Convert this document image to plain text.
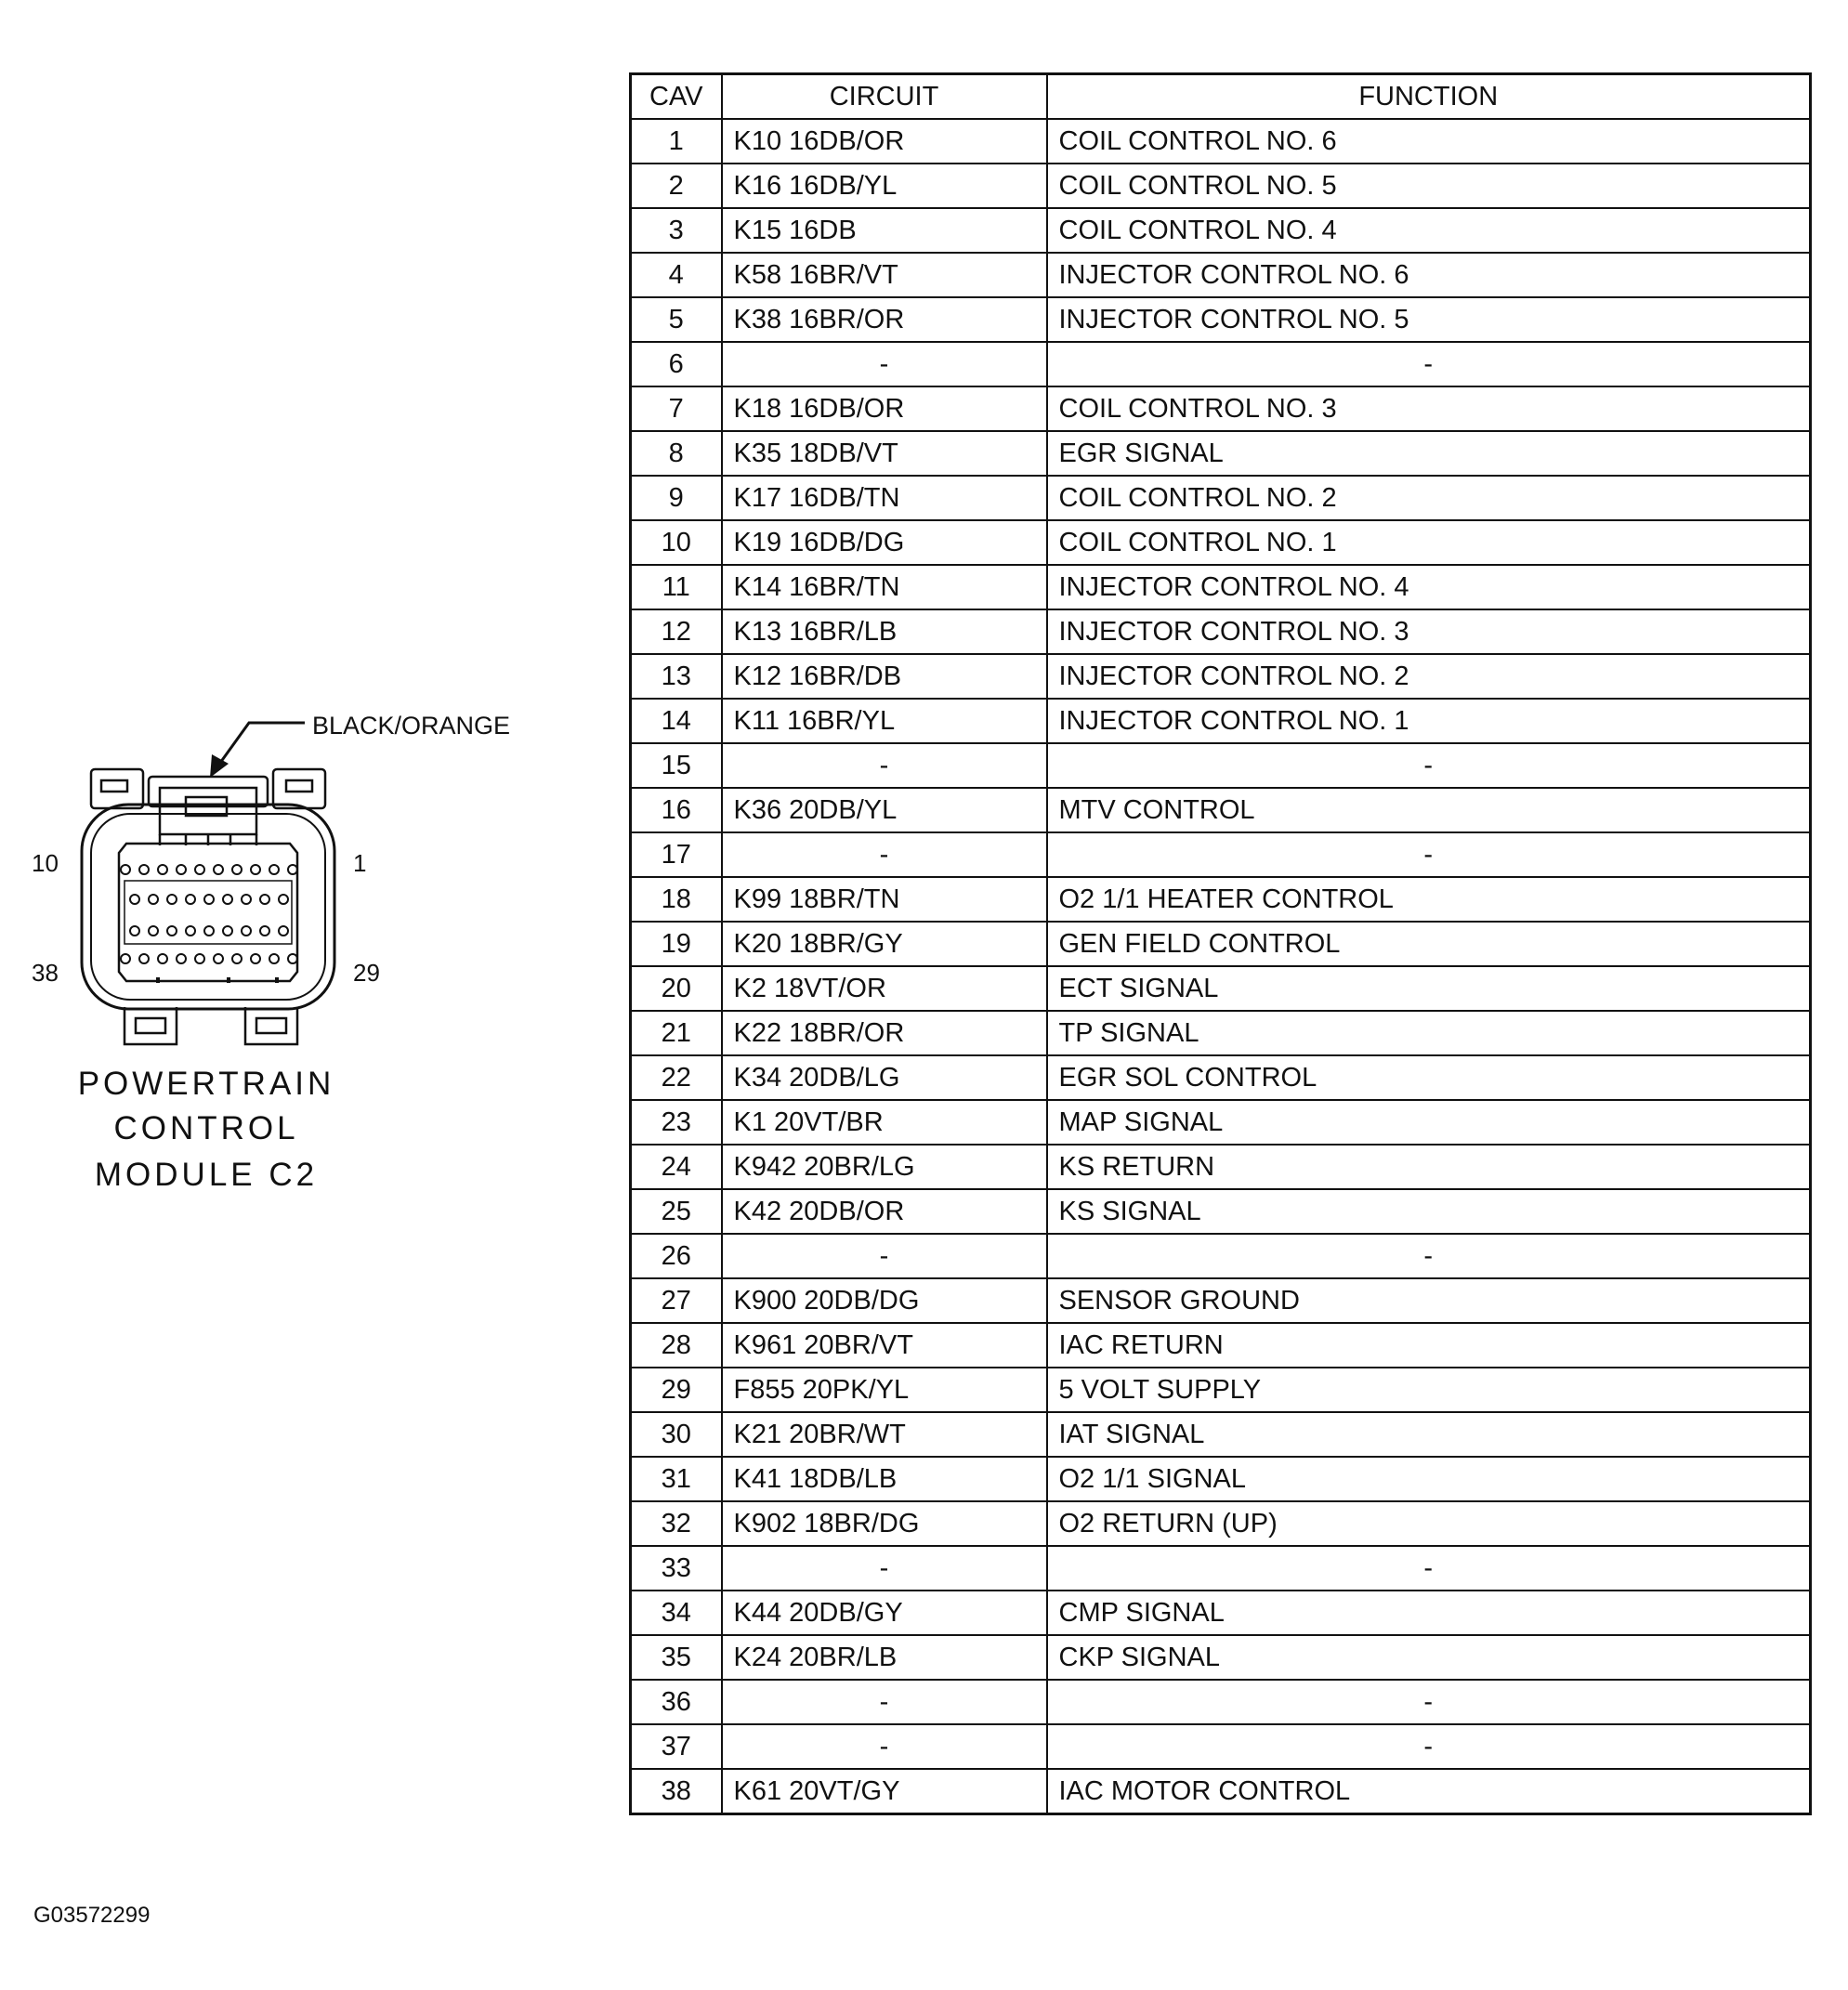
BLACK/ORANGE
10	1
38	29
POWERTRAIN
CONTROL
MODULE C2
CAV	CIRCUIT	FUNCTION
1	K10 16DB/OR	COIL CONTROL NO. 6
2	K16 16DB/YL	COIL CONTROL NO. 5
3	K15 16DB	COIL CONTROL NO. 4
4	K58 16BR/VT	INJECTOR CONTROL NO. 6
5	K38 16BR/OR	INJECTOR CONTROL NO. 5
6	-	-
7	K18 16DB/OR	COIL CONTROL NO. 3
8	K35 18DB/VT	EGR SIGNAL
9	K17 16DB/TN	COIL CONTROL NO. 2
10	K19 16DB/DG	COIL CONTROL NO. 1
11	K14 16BR/TN	INJECTOR CONTROL NO. 4
12	K13 16BR/LB	INJECTOR CONTROL NO. 3
13	K12 16BR/DB	INJECTOR CONTROL NO. 2
14	K11 16BR/YL	INJECTOR CONTROL NO. 1
15	-	-
16	K36 20DB/YL	MTV CONTROL
17	-	-
18	K99 18BR/TN	O2 1/1 HEATER CONTROL
19	K20 18BR/GY	GEN FIELD CONTROL
20	K2 18VT/OR	ECT SIGNAL
21	K22 18BR/OR	TP SIGNAL
22	K34 20DB/LG	EGR SOL CONTROL
23	K1 20VT/BR	MAP SIGNAL
24	K942 20BR/LG	KS RETURN
25	K42 20DB/OR	KS SIGNAL
26	-	-
27	K900 20DB/DG	SENSOR GROUND
28	K961 20BR/VT	IAC RETURN
29	F855 20PK/YL	5 VOLT SUPPLY
30	K21 20BR/WT	IAT SIGNAL
31	K41 18DB/LB	O2 1/1 SIGNAL
32	K902 18BR/DG	O2 RETURN (UP)
33	-	-
34	K44 20DB/GY	CMP SIGNAL
35	K24 20BR/LB	CKP SIGNAL
36	-	-
37	-	-
38	K61 20VT/GY	IAC MOTOR CONTROL
G03572299
